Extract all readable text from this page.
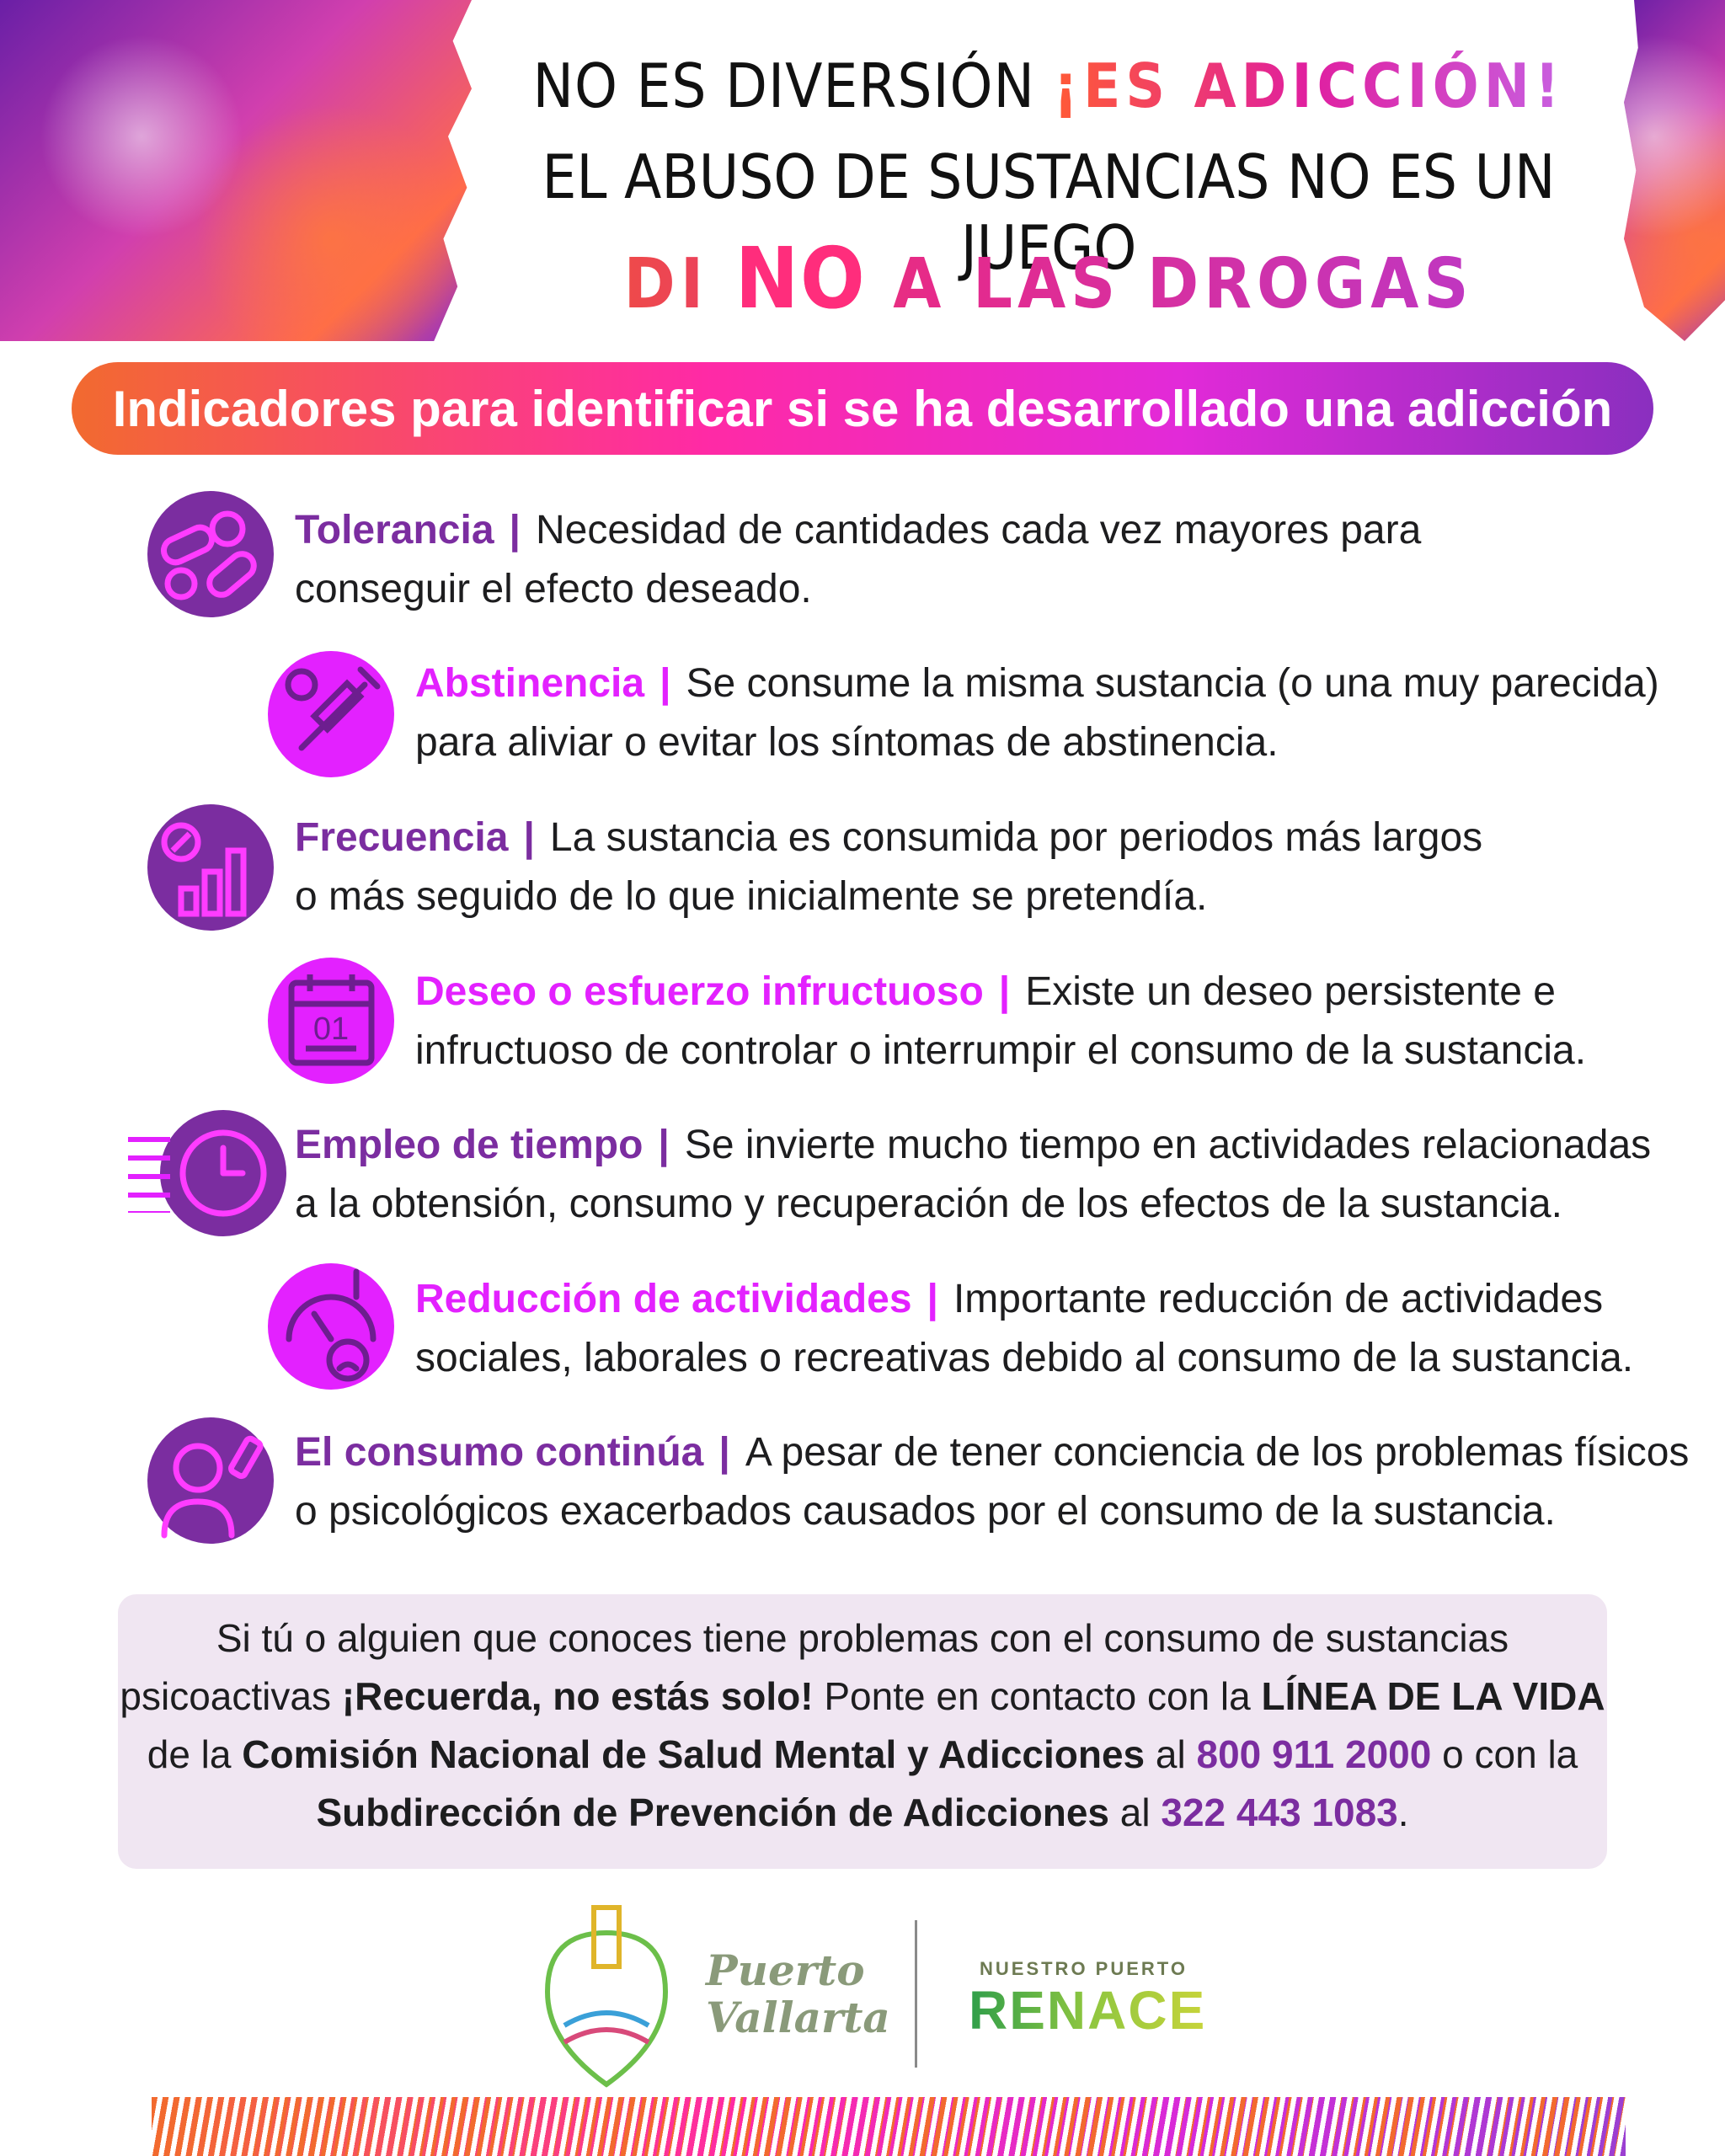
NO ES DIVERSIÓN ¡ES ADICCIÓN!
EL ABUSO DE SUSTANCIAS NO ES UN
DI NO A LAS DROGAS
Indicadores para identificar si se ha desarrollado una adicción
Tolerancia | Necesidad de cantidades cada vez mayores para
conseguir el efecto deseado.
Abstinencia | Se consume la misma sustancia (o una muy parecida)
para aliviar o evitar los síntomas de abstinencia.
Frecuencia | La sustancia es consumida por periodos más largos
o más seguido de lo que inicialmente se pretendía.
01
Deseo o esfuerzo infructuoso | Existe un deseo persistente e
infructuoso de controlar o interrumpir el consumo de la sustancia.
Empleo de tiempo | Se invierte mucho tiempo en actividades relacionadas
a la obtensión, consumo y recuperación de los efectos de la sustancia.
Reducción de actividades | Importante reducción de actividades
sociales, laborales o recreativas debido al consumo de la sustancia.
El consumo continúa | A pesar de tener conciencia de los problemas físicos
o psicológicos exacerbados causados por el consumo de la sustancia.
Si tú o alguien que conoces tiene problemas con el consumo de sustancias
psicoactivas ¡Recuerda, no estás solo! Ponte en contacto con la LÍNEA DE LA VIDA
de la Comisión Nacional de Salud Mental y Adicciones al 800 911 2000 o con la
Subdirección de Prevención de Adicciones al 322 443 1083.
Puerto
Vallarta
NUESTRO PUERTO
RENACE
